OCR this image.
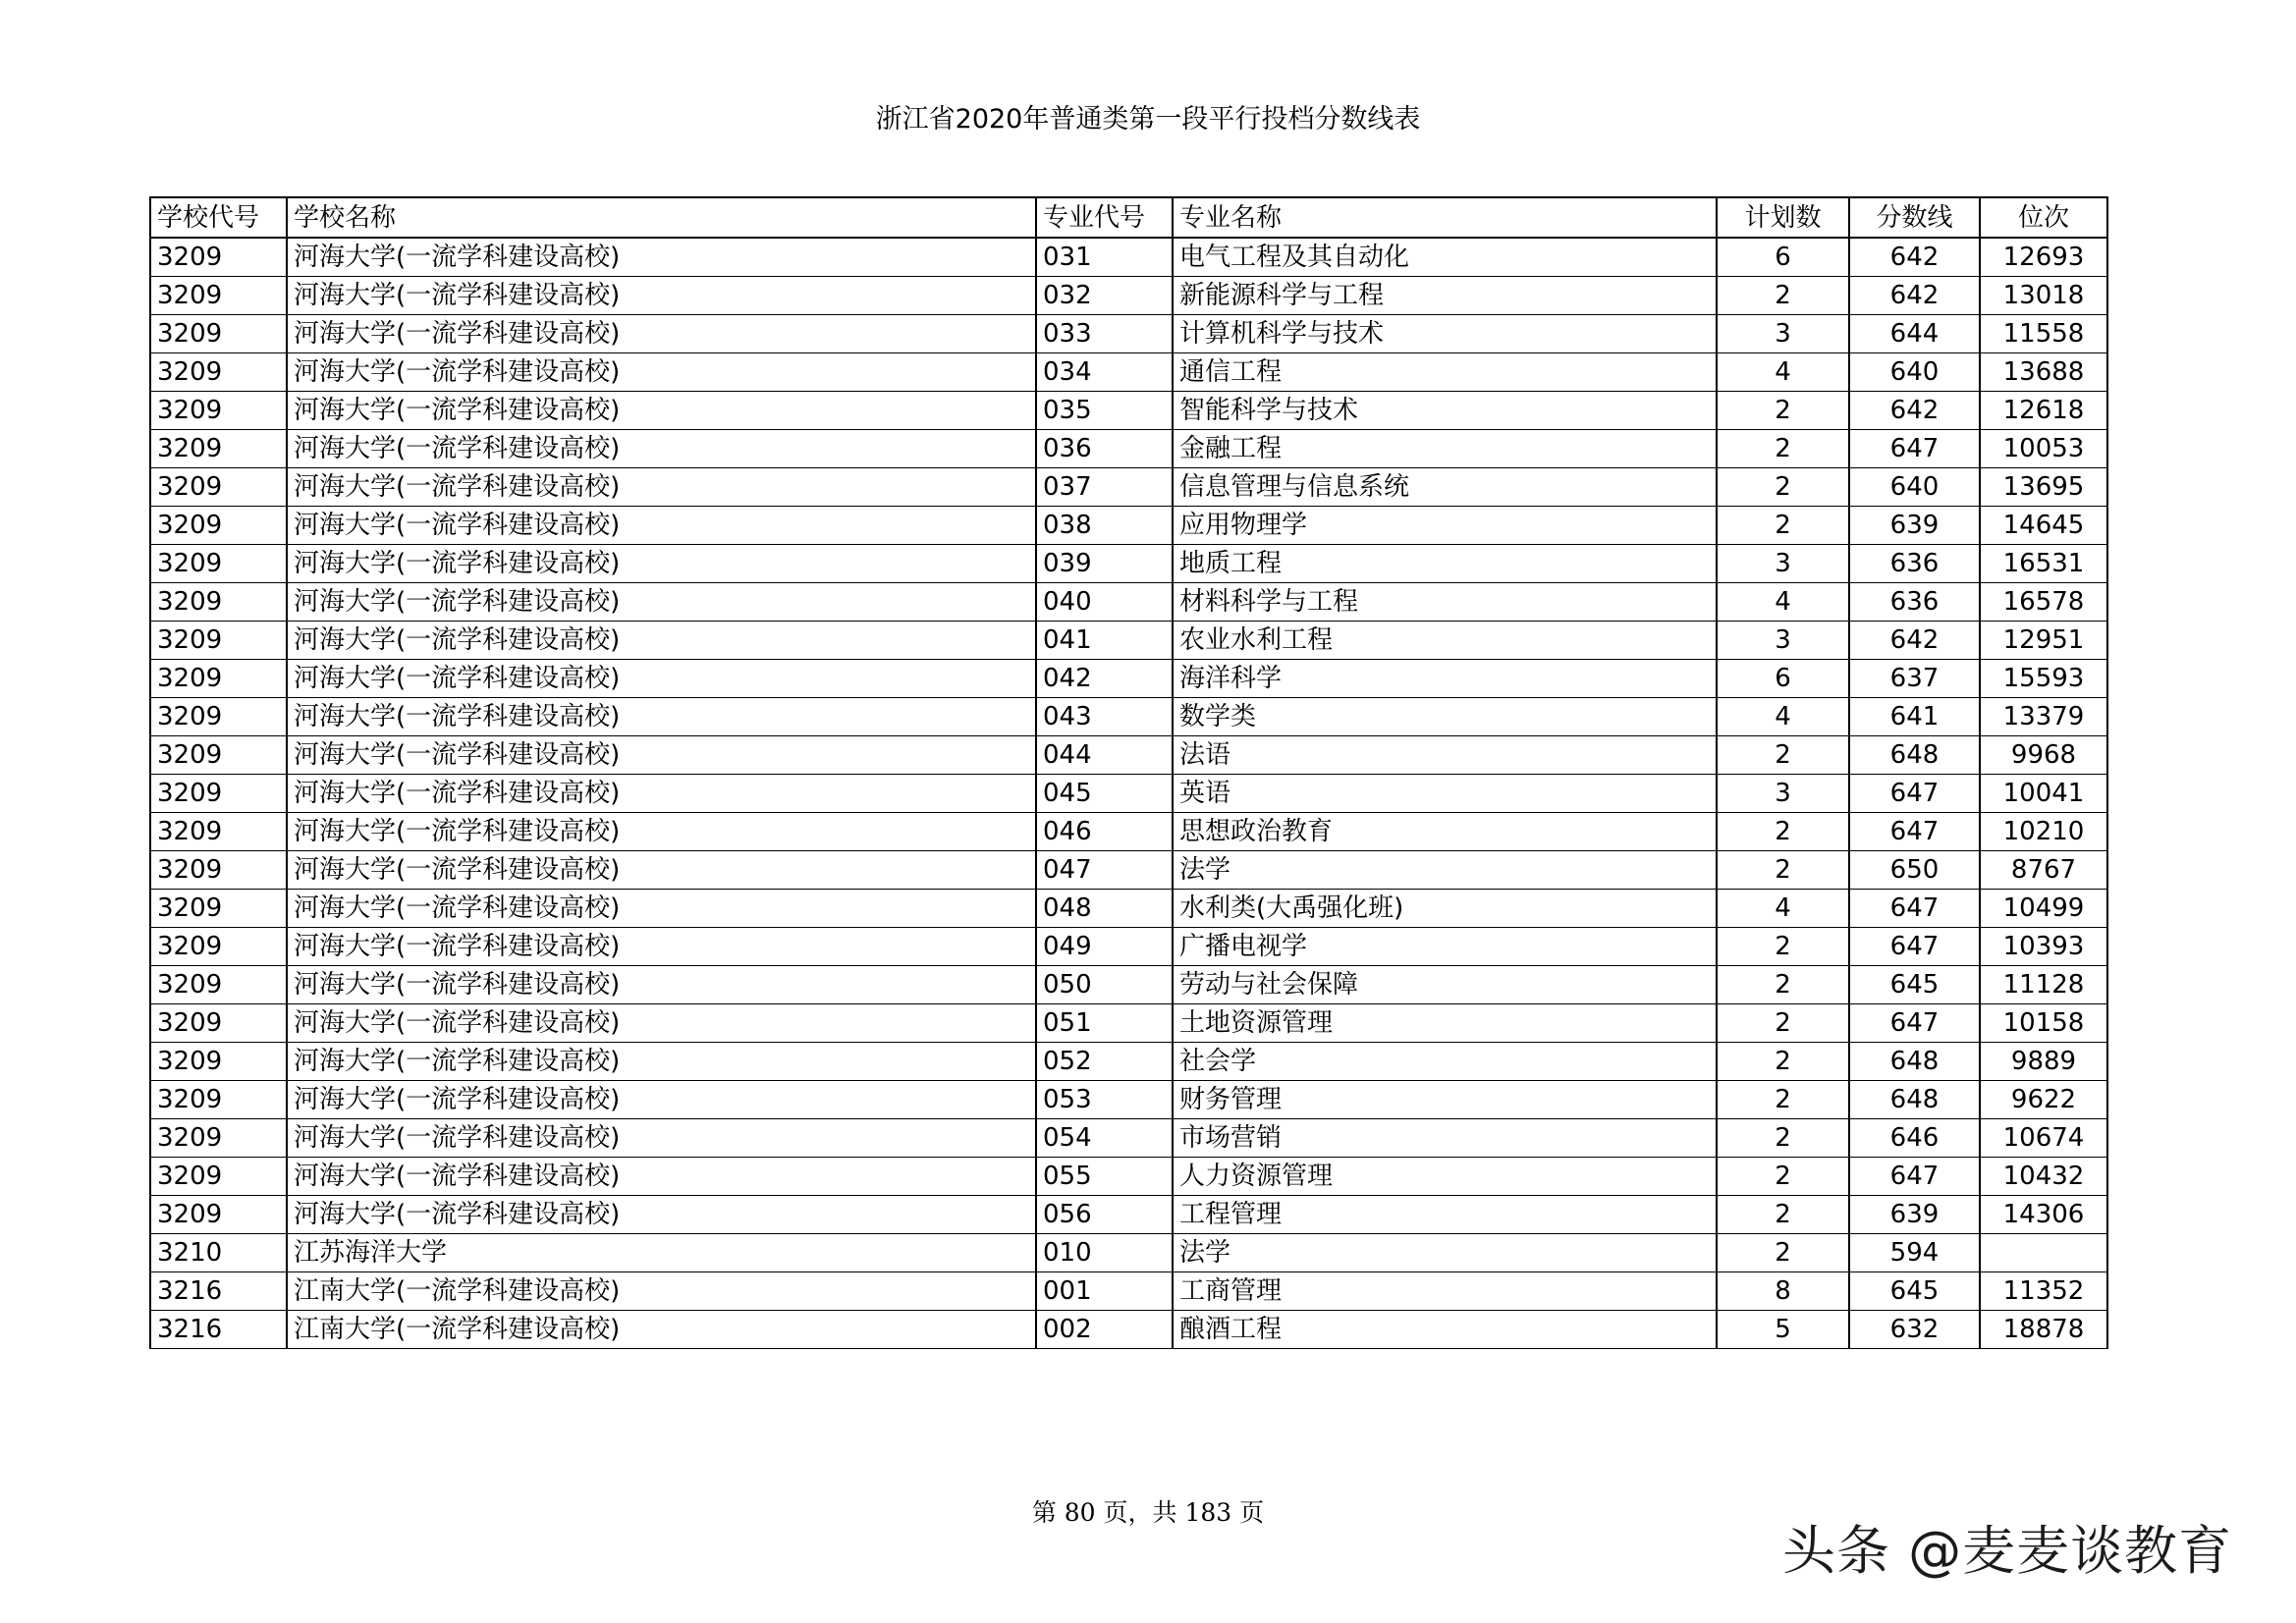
浙江省2020年普通类第一段平行投档分数线表
学校代号	学校名称	专业代号	专业名称	计划数	分数线	位次
3209	河海大学(一流学科建设高校)	031	电气工程及其自动化	6	642	12693
3209	河海大学(一流学科建设高校)	032	新能源科学与工程	2	642	13018
3209	河海大学(一流学科建设高校)	033	计算机科学与技术	3	644	11558
3209	河海大学(一流学科建设高校)	034	通信工程	4	640	13688
3209	河海大学(一流学科建设高校)	035	智能科学与技术	2	642	12618
3209	河海大学(一流学科建设高校)	036	金融工程	2	647	10053
3209	河海大学(一流学科建设高校)	037	信息管理与信息系统	2	640	13695
3209	河海大学(一流学科建设高校)	038	应用物理学	2	639	14645
3209	河海大学(一流学科建设高校)	039	地质工程	3	636	16531
3209	河海大学(一流学科建设高校)	040	材料科学与工程	4	636	16578
3209	河海大学(一流学科建设高校)	041	农业水利工程	3	642	12951
3209	河海大学(一流学科建设高校)	042	海洋科学	6	637	15593
3209	河海大学(一流学科建设高校)	043	数学类	4	641	13379
3209	河海大学(一流学科建设高校)	044	法语	2	648	9968
3209	河海大学(一流学科建设高校)	045	英语	3	647	10041
3209	河海大学(一流学科建设高校)	046	思想政治教育	2	647	10210
3209	河海大学(一流学科建设高校)	047	法学	2	650	8767
3209	河海大学(一流学科建设高校)	048	水利类(大禹强化班)	4	647	10499
3209	河海大学(一流学科建设高校)	049	广播电视学	2	647	10393
3209	河海大学(一流学科建设高校)	050	劳动与社会保障	2	645	11128
3209	河海大学(一流学科建设高校)	051	土地资源管理	2	647	10158
3209	河海大学(一流学科建设高校)	052	社会学	2	648	9889
3209	河海大学(一流学科建设高校)	053	财务管理	2	648	9622
3209	河海大学(一流学科建设高校)	054	市场营销	2	646	10674
3209	河海大学(一流学科建设高校)	055	人力资源管理	2	647	10432
3209	河海大学(一流学科建设高校)	056	工程管理	2	639	14306
3210	江苏海洋大学	010	法学	2	594	
3216	江南大学(一流学科建设高校)	001	工商管理	8	645	11352
3216	江南大学(一流学科建设高校)	002	酿酒工程	5	632	18878
第 80 页，共 183 页
头条 @麦麦谈教育
